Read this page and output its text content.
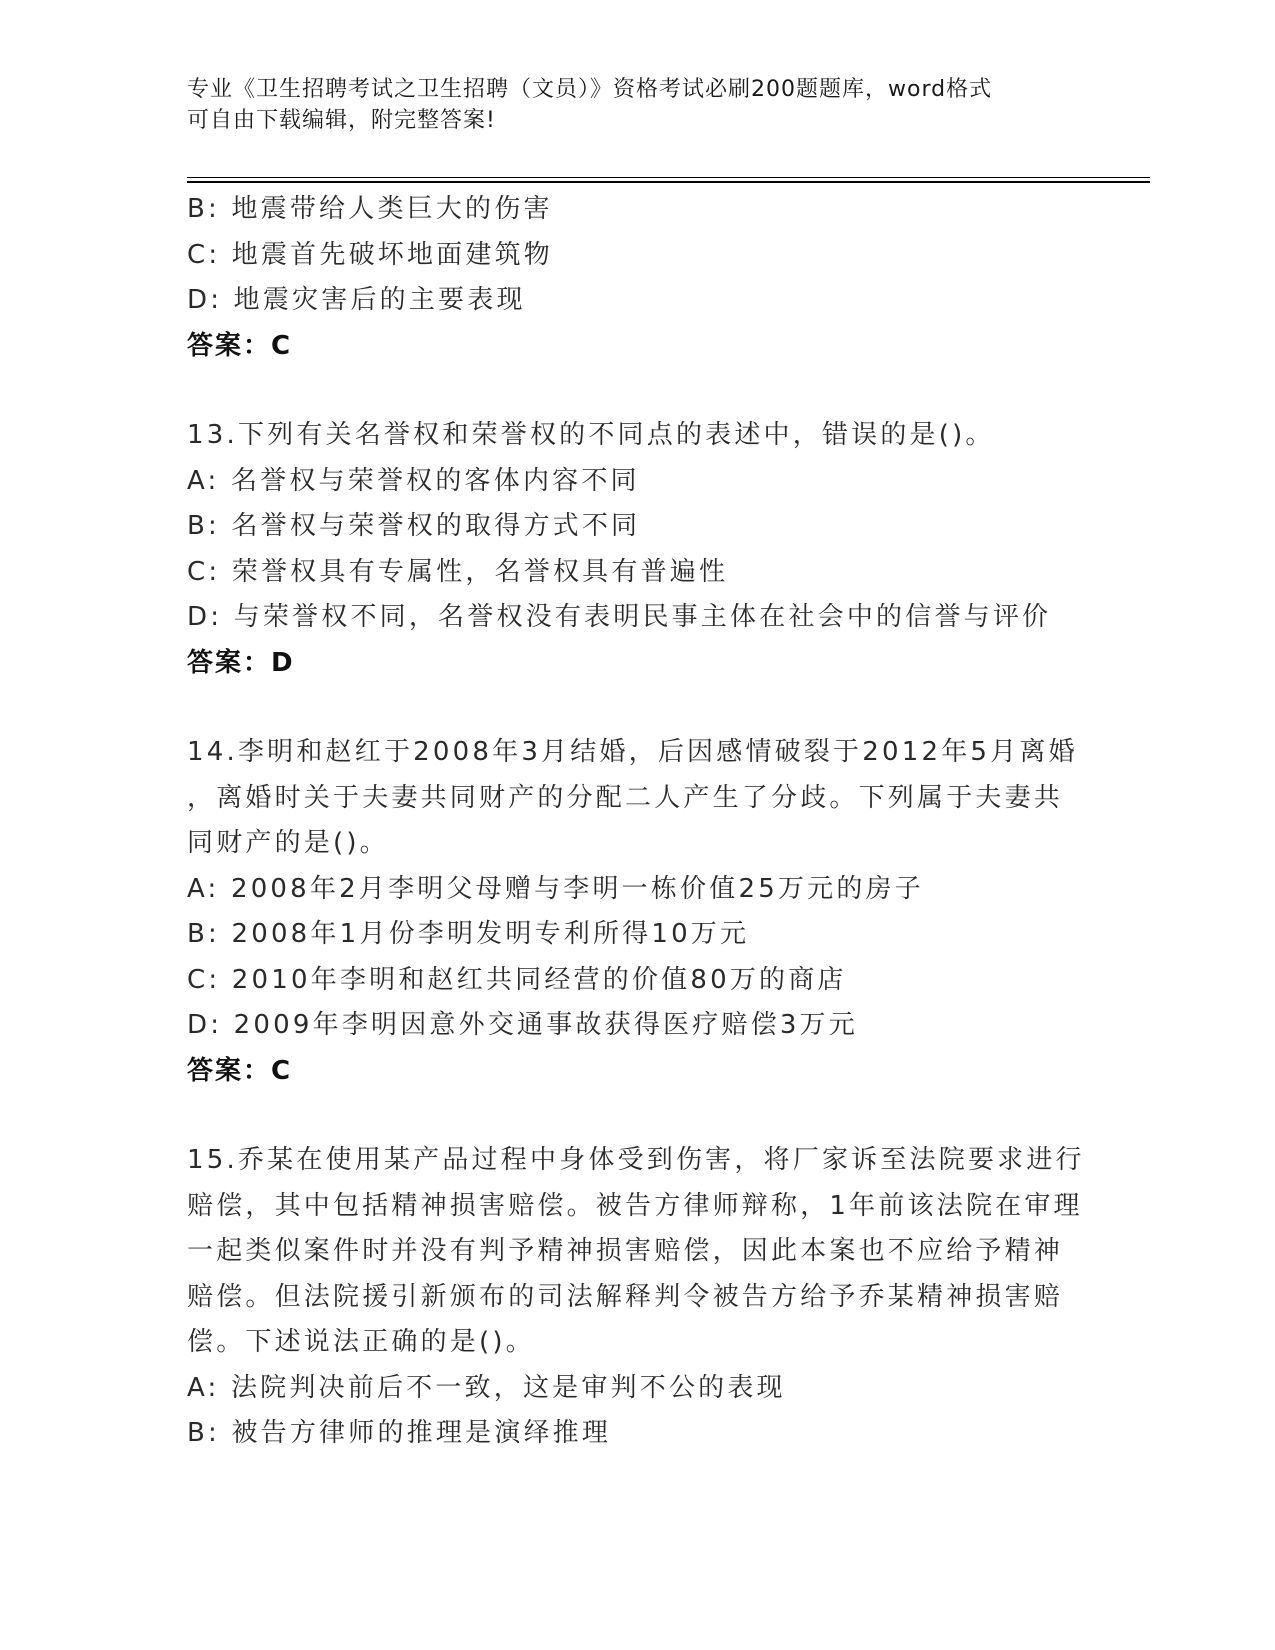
专业《卫生招聘考试之卫生招聘（文员）》资格考试必刷200题题库，word格式
可自由下载编辑，附完整答案!
B: 地震带给人类巨大的伤害
C: 地震首先破坏地面建筑物
D: 地震灾害后的主要表现
答案：C
13.下列有关名誉权和荣誉权的不同点的表述中，错误的是()。
A: 名誉权与荣誉权的客体内容不同
B: 名誉权与荣誉权的取得方式不同
C: 荣誉权具有专属性，名誉权具有普遍性
D: 与荣誉权不同，名誉权没有表明民事主体在社会中的信誉与评价
答案：D
14.李明和赵红于2008年3月结婚，后因感情破裂于2012年5月离婚
，离婚时关于夫妻共同财产的分配二人产生了分歧。下列属于夫妻共
同财产的是()。
A: 2008年2月李明父母赠与李明一栋价值25万元的房子
B: 2008年1月份李明发明专利所得10万元
C: 2010年李明和赵红共同经营的价值80万的商店
D: 2009年李明因意外交通事故获得医疗赔偿3万元
答案：C
15.乔某在使用某产品过程中身体受到伤害，将厂家诉至法院要求进行
赔偿，其中包括精神损害赔偿。被告方律师辩称，1年前该法院在审理
一起类似案件时并没有判予精神损害赔偿，因此本案也不应给予精神
赔偿。但法院援引新颁布的司法解释判令被告方给予乔某精神损害赔
偿。下述说法正确的是()。
A: 法院判决前后不一致，这是审判不公的表现
B: 被告方律师的推理是演绎推理
